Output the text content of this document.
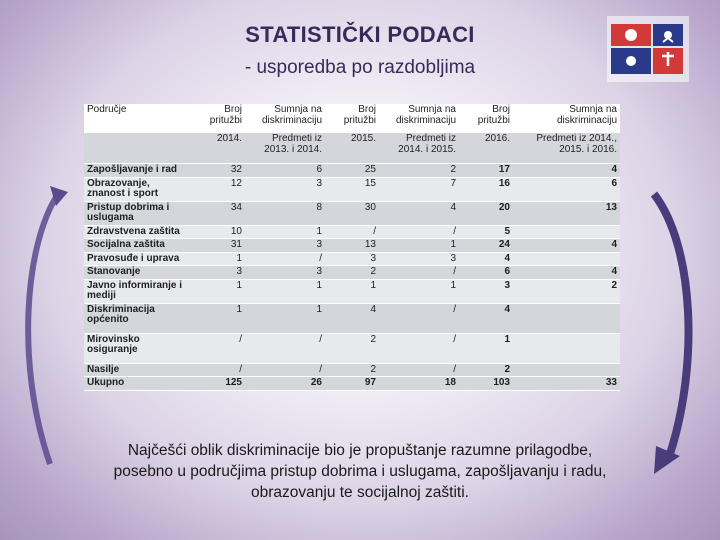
STATISTIČKI PODACI
- usporedba po razdobljima
Područje	Broj pritužbi	Sumnja na diskriminaciju	Broj pritužbi	Sumnja na diskriminaciju	Broj pritužbi	Sumnja na diskriminaciju
	2014.	Predmeti iz 2013. i 2014.	2015.	Predmeti iz 2014. i 2015.	2016.	Predmeti iz 2014., 2015. i 2016.
Zapošljavanje i rad	32	6	25	2	17	4
Obrazovanje, znanost i sport	12	3	15	7	16	6
Pristup dobrima i uslugama	34	8	30	4	20	13
Zdravstvena zaštita	10	1	/	/	5	
Socijalna zaštita	31	3	13	1	24	4
Pravosuđe i uprava	1	/	3	3	4	
Stanovanje	3	3	2	/	6	4
Javno informiranje i mediji	1	1	1	1	3	2
Diskriminacija općenito	1	1	4	/	4	
Mirovinsko osiguranje	/	/	2	/	1	
Nasilje	/	/	2	/	2	
Ukupno	125	26	97	18	103	33
Najčešći oblik diskriminacije bio je propuštanje razumne prilagodbe,
posebno u područjima pristup dobrima i uslugama, zapošljavanju i radu,
obrazovanju te socijalnoj zaštiti.
